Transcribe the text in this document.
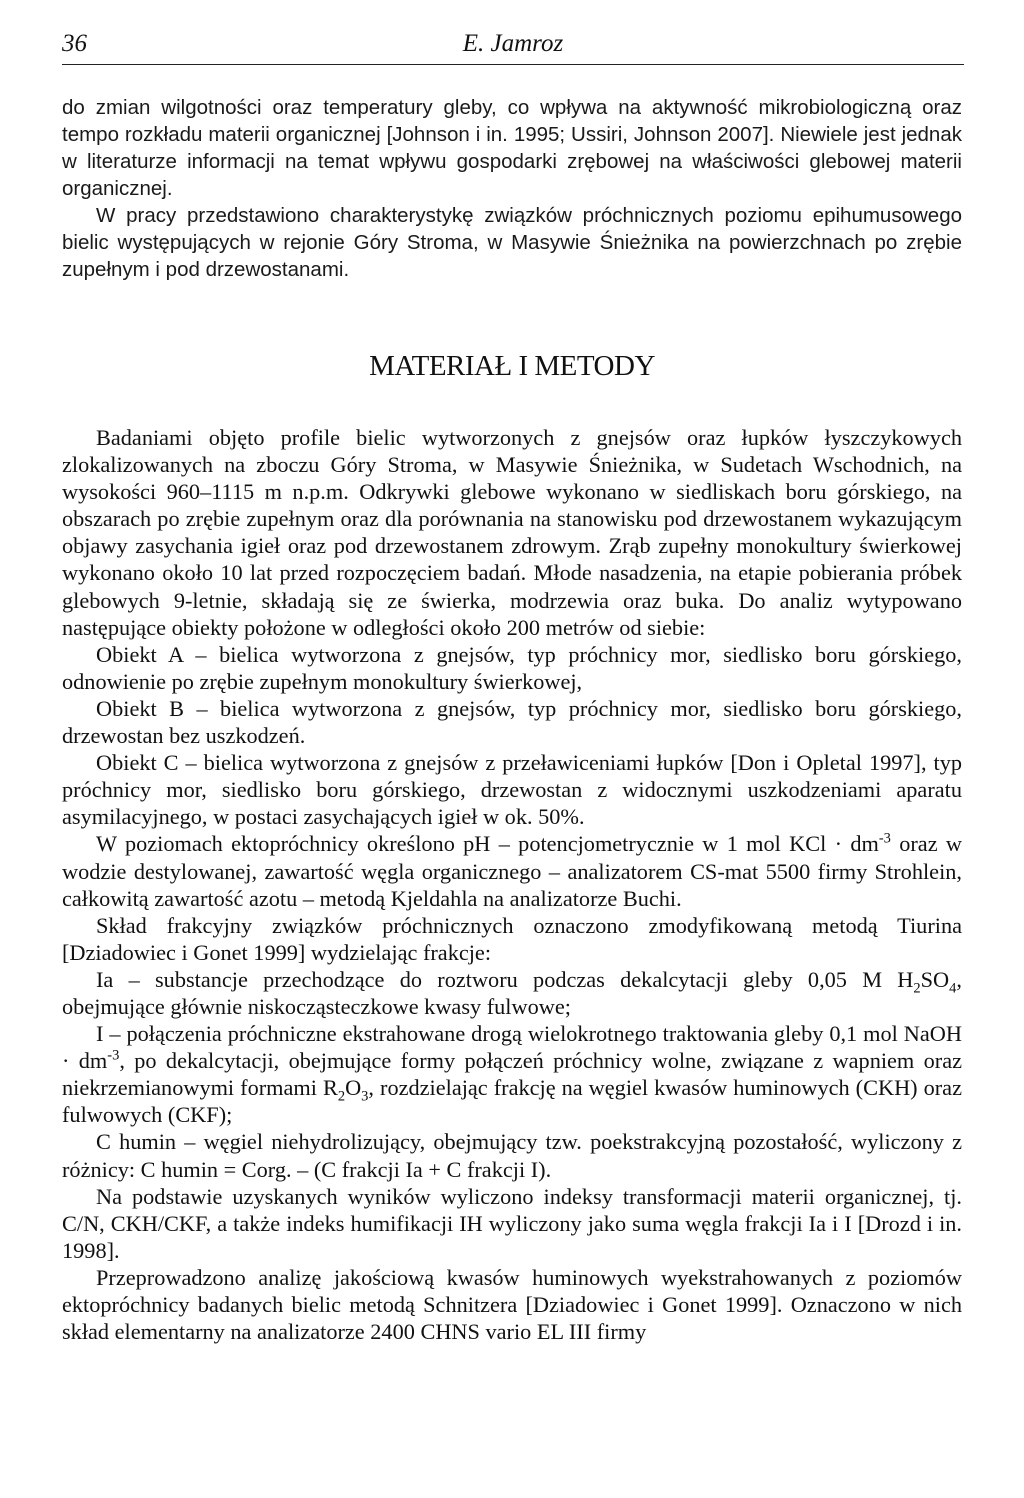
36	E. Jamroz

do zmian wilgotności oraz temperatury gleby, co wpływa na aktywność mikrobiologiczną oraz tempo rozkładu materii organicznej [Johnson i in. 1995; Ussiri, Johnson 2007]. Niewiele jest jednak w literaturze informacji na temat wpływu gospodarki zrębowej na właściwości glebowej materii organicznej.

W pracy przedstawiono charakterystykę związków próchnicznych poziomu epihumusowego bielic występujących w rejonie Góry Stroma, w Masywie Śnieżnika na powierzchnach po zrębie zupełnym i pod drzewostanami.

MATERIAŁ I METODY

Badaniami objęto profile bielic wytworzonych z gnejsów oraz łupków łyszczykowych zlokalizowanych na zboczu Góry Stroma, w Masywie Śnieżnika, w Sudetach Wschodnich, na wysokości 960–1115 m n.p.m. Odkrywki glebowe wykonano w siedliskach boru górskiego, na obszarach po zrębie zupełnym oraz dla porównania na stanowisku pod drzewostanem wykazującym objawy zasychania igieł oraz pod drzewostanem zdrowym. Zrąb zupełny monokultury świerkowej wykonano około 10 lat przed rozpoczęciem badań. Młode nasadzenia, na etapie pobierania próbek glebowych 9-letnie, składają się ze świerka, modrzewia oraz buka. Do analiz wytypowano następujące obiekty położone w odległości około 200 metrów od siebie:

Obiekt A – bielica wytworzona z gnejsów, typ próchnicy mor, siedlisko boru górskiego, odnowienie po zrębie zupełnym monokultury świerkowej,

Obiekt B – bielica wytworzona z gnejsów, typ próchnicy mor, siedlisko boru górskiego, drzewostan bez uszkodzeń.

Obiekt C – bielica wytworzona z gnejsów z przeławiceniami łupków [Don i Opletal 1997], typ próchnicy mor, siedlisko boru górskiego, drzewostan z widocznymi uszkodzeniami aparatu asymilacyjnego, w postaci zasychających igieł w ok. 50%.

W poziomach ektopróchnicy określono pH – potencjometrycznie w 1 mol KCl · $dm^{-3}$ oraz w wodzie destylowanej, zawartość węgla organicznego – analizatorem CS-mat 5500 firmy Strohlein, całkowitą zawartość azotu – metodą Kjeldahla na analizatorze Buchi.

Skład frakcyjny związków próchnicznych oznaczono zmodyfikowaną metodą Tiurina [Dziadowiec i Gonet 1999] wydzielając frakcje:

Ia – substancje przechodzące do roztworu podczas dekalcytacji gleby 0,05 M $H_2SO_4$, obejmujące głównie niskocząsteczkowe kwasy fulwowe;

I – połączenia próchniczne ekstrahowane drogą wielokrotnego traktowania gleby 0,1 mol NaOH · $dm^{-3}$, po dekalcytacji, obejmujące formy połączeń próchnicy wolne, związane z wapniem oraz niekrzemianowymi formami $R_2O_3$, rozdzielając frakcję na węgiel kwasów huminowych (CKH) oraz fulwowych (CKF);

C humin – węgiel niehydrolizujący, obejmujący tzw. poekstrakcyjną pozostałość, wyliczony z różnicy: C humin = Corg. – (C frakcji Ia + C frakcji I).

Na podstawie uzyskanych wyników wyliczono indeksy transformacji materii organicznej, tj. C/N, CKH/CKF, a także indeks humifikacji IH wyliczony jako suma węgla frakcji Ia i I [Drozd i in. 1998].

Przeprowadzono analizę jakościową kwasów huminowych wyekstrahowanych z poziomów ektopróchnicy badanych bielic metodą Schnitzera [Dziadowiec i Gonet 1999]. Oznaczono w nich skład elementarny na analizatorze 2400 CHNS vario EL III firmy
